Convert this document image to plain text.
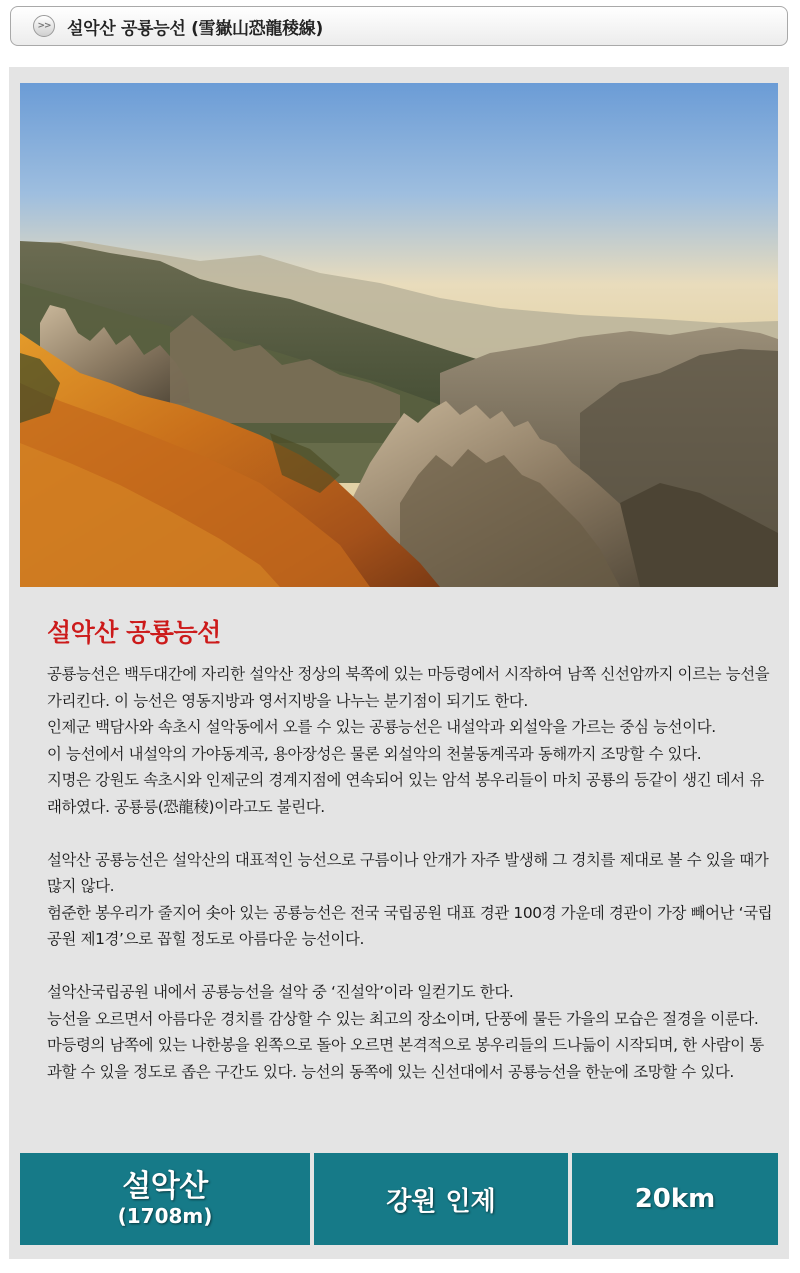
>> 설악산 공룡능선 (雪嶽山恐龍稜線)
설악산 공룡능선

공룡능선은 백두대간에 자리한 설악산 정상의 북쪽에 있는 마등령에서 시작하여 남쪽 신선암까지 이르는 능선을 가리킨다. 이 능선은 영동지방과 영서지방을 나누는 분기점이 되기도 한다.

인제군 백담사와 속초시 설악동에서 오를 수 있는 공룡능선은 내설악과 외설악을 가르는 중심 능선이다.

이 능선에서 내설악의 가야동계곡, 용아장성은 물론 외설악의 천불동계곡과 동해까지 조망할 수 있다.

지명은 강원도 속초시와 인제군의 경계지점에 연속되어 있는 암석 봉우리들이 마치 공룡의 등같이 생긴 데서 유래하였다. 공룡릉(恐龍稜)이라고도 불린다.

설악산 공룡능선은 설악산의 대표적인 능선으로 구름이나 안개가 자주 발생해 그 경치를 제대로 볼 수 있을 때가 많지 않다.

험준한 봉우리가 줄지어 솟아 있는 공룡능선은 전국 국립공원 대표 경관 100경 가운데 경관이 가장 빼어난 ‘국립공원 제1경’으로 꼽힐 정도로 아름다운 능선이다.

설악산국립공원 내에서 공룡능선을 설악 중 ‘진설악’이라 일컫기도 한다.

능선을 오르면서 아름다운 경치를 감상할 수 있는 최고의 장소이며, 단풍에 물든 가을의 모습은 절경을 이룬다. 마등령의 남쪽에 있는 나한봉을 왼쪽으로 돌아 오르면 본격적으로 봉우리들의 드나듦이 시작되며, 한 사람이 통과할 수 있을 정도로 좁은 구간도 있다. 능선의 동쪽에 있는 신선대에서 공룡능선을 한눈에 조망할 수 있다.

설악산
(1708m)	강원 인제	20km
